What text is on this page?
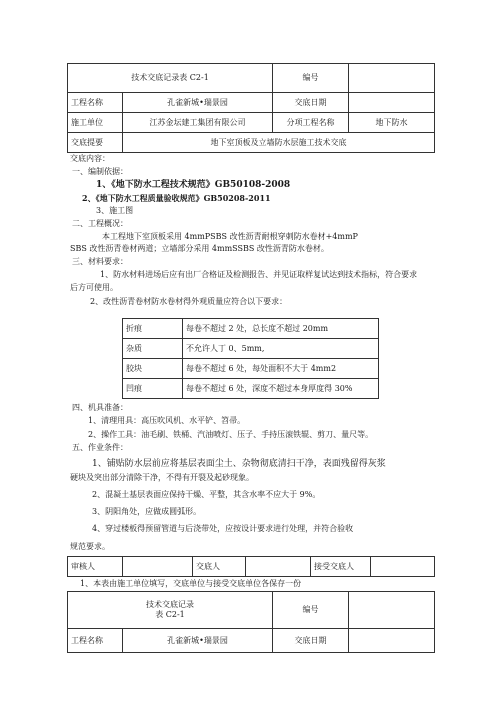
技术交底记录表 C2-1		编号	
工程名称	孔雀新城•瑞景园	交底日期	
施工单位	江苏金坛建工集团有限公司	分项工程名称	地下防水
交底提要	地下室顶板及立墙防水层施工技术交底		
交底内容：
一、编制依据：
1、《地下防水工程技术规范》GB50108-2008
2、《地下防水工程质量验收规范》GB50208-2011
3、施工图
二、工程概况：
本工程地下室顶板采用 4mmPSBS 改性沥青耐根穿刺防水卷材+4mmP
SBS 改性沥青卷材两道；立墙部分采用 4mmSSBS 改性沥青防水卷材。
三、材料要求：
1、防水材料进场后应有出厂合格证及检测报告、并见证取样复试达到技术指标，符合要求
后方可使用。
2、改性沥青卷材防水卷材得外观质量应符合以下要求：
折痕	每卷不超过 2 处，总长度不超过 20mm
杂质	不允许人丁 0、5mm,
胶块	每卷不超过 6 处，每处面积不大于 4mm2
凹痕	每卷不超过 6 处，深度不超过本身厚度得 30%
四、机具准备：
1、清理用具：高压吹风机、水平铲、笤帚。
2、操作工具：油毛刷、铁桶、汽油喷灯、压子、手持压滚铁辊、剪刀、量尺等。
五、作业条件：
1、铺贴防水层前应将基层表面尘土、杂物彻底清扫干净，表面残留得灰浆
硬块及突出部分清除干净，不得有开裂及起砂现象。
2、混凝土基层表面应保持干燥、平整，其含水率不应大于 9%。
3、阴阳角处，应做成圆弧形。
4、穿过楼板得预留管道与后浇带处，应按设计要求进行处理，并符合验收
规范要求。
审核人		交底人		接受交底人	
1、本表由施工单位填写，交底单位与接受交底单位各保存一份
技术交底记录
表 C2-1		编号	
工程名称	孔雀新城•瑞景园	交底日期	
